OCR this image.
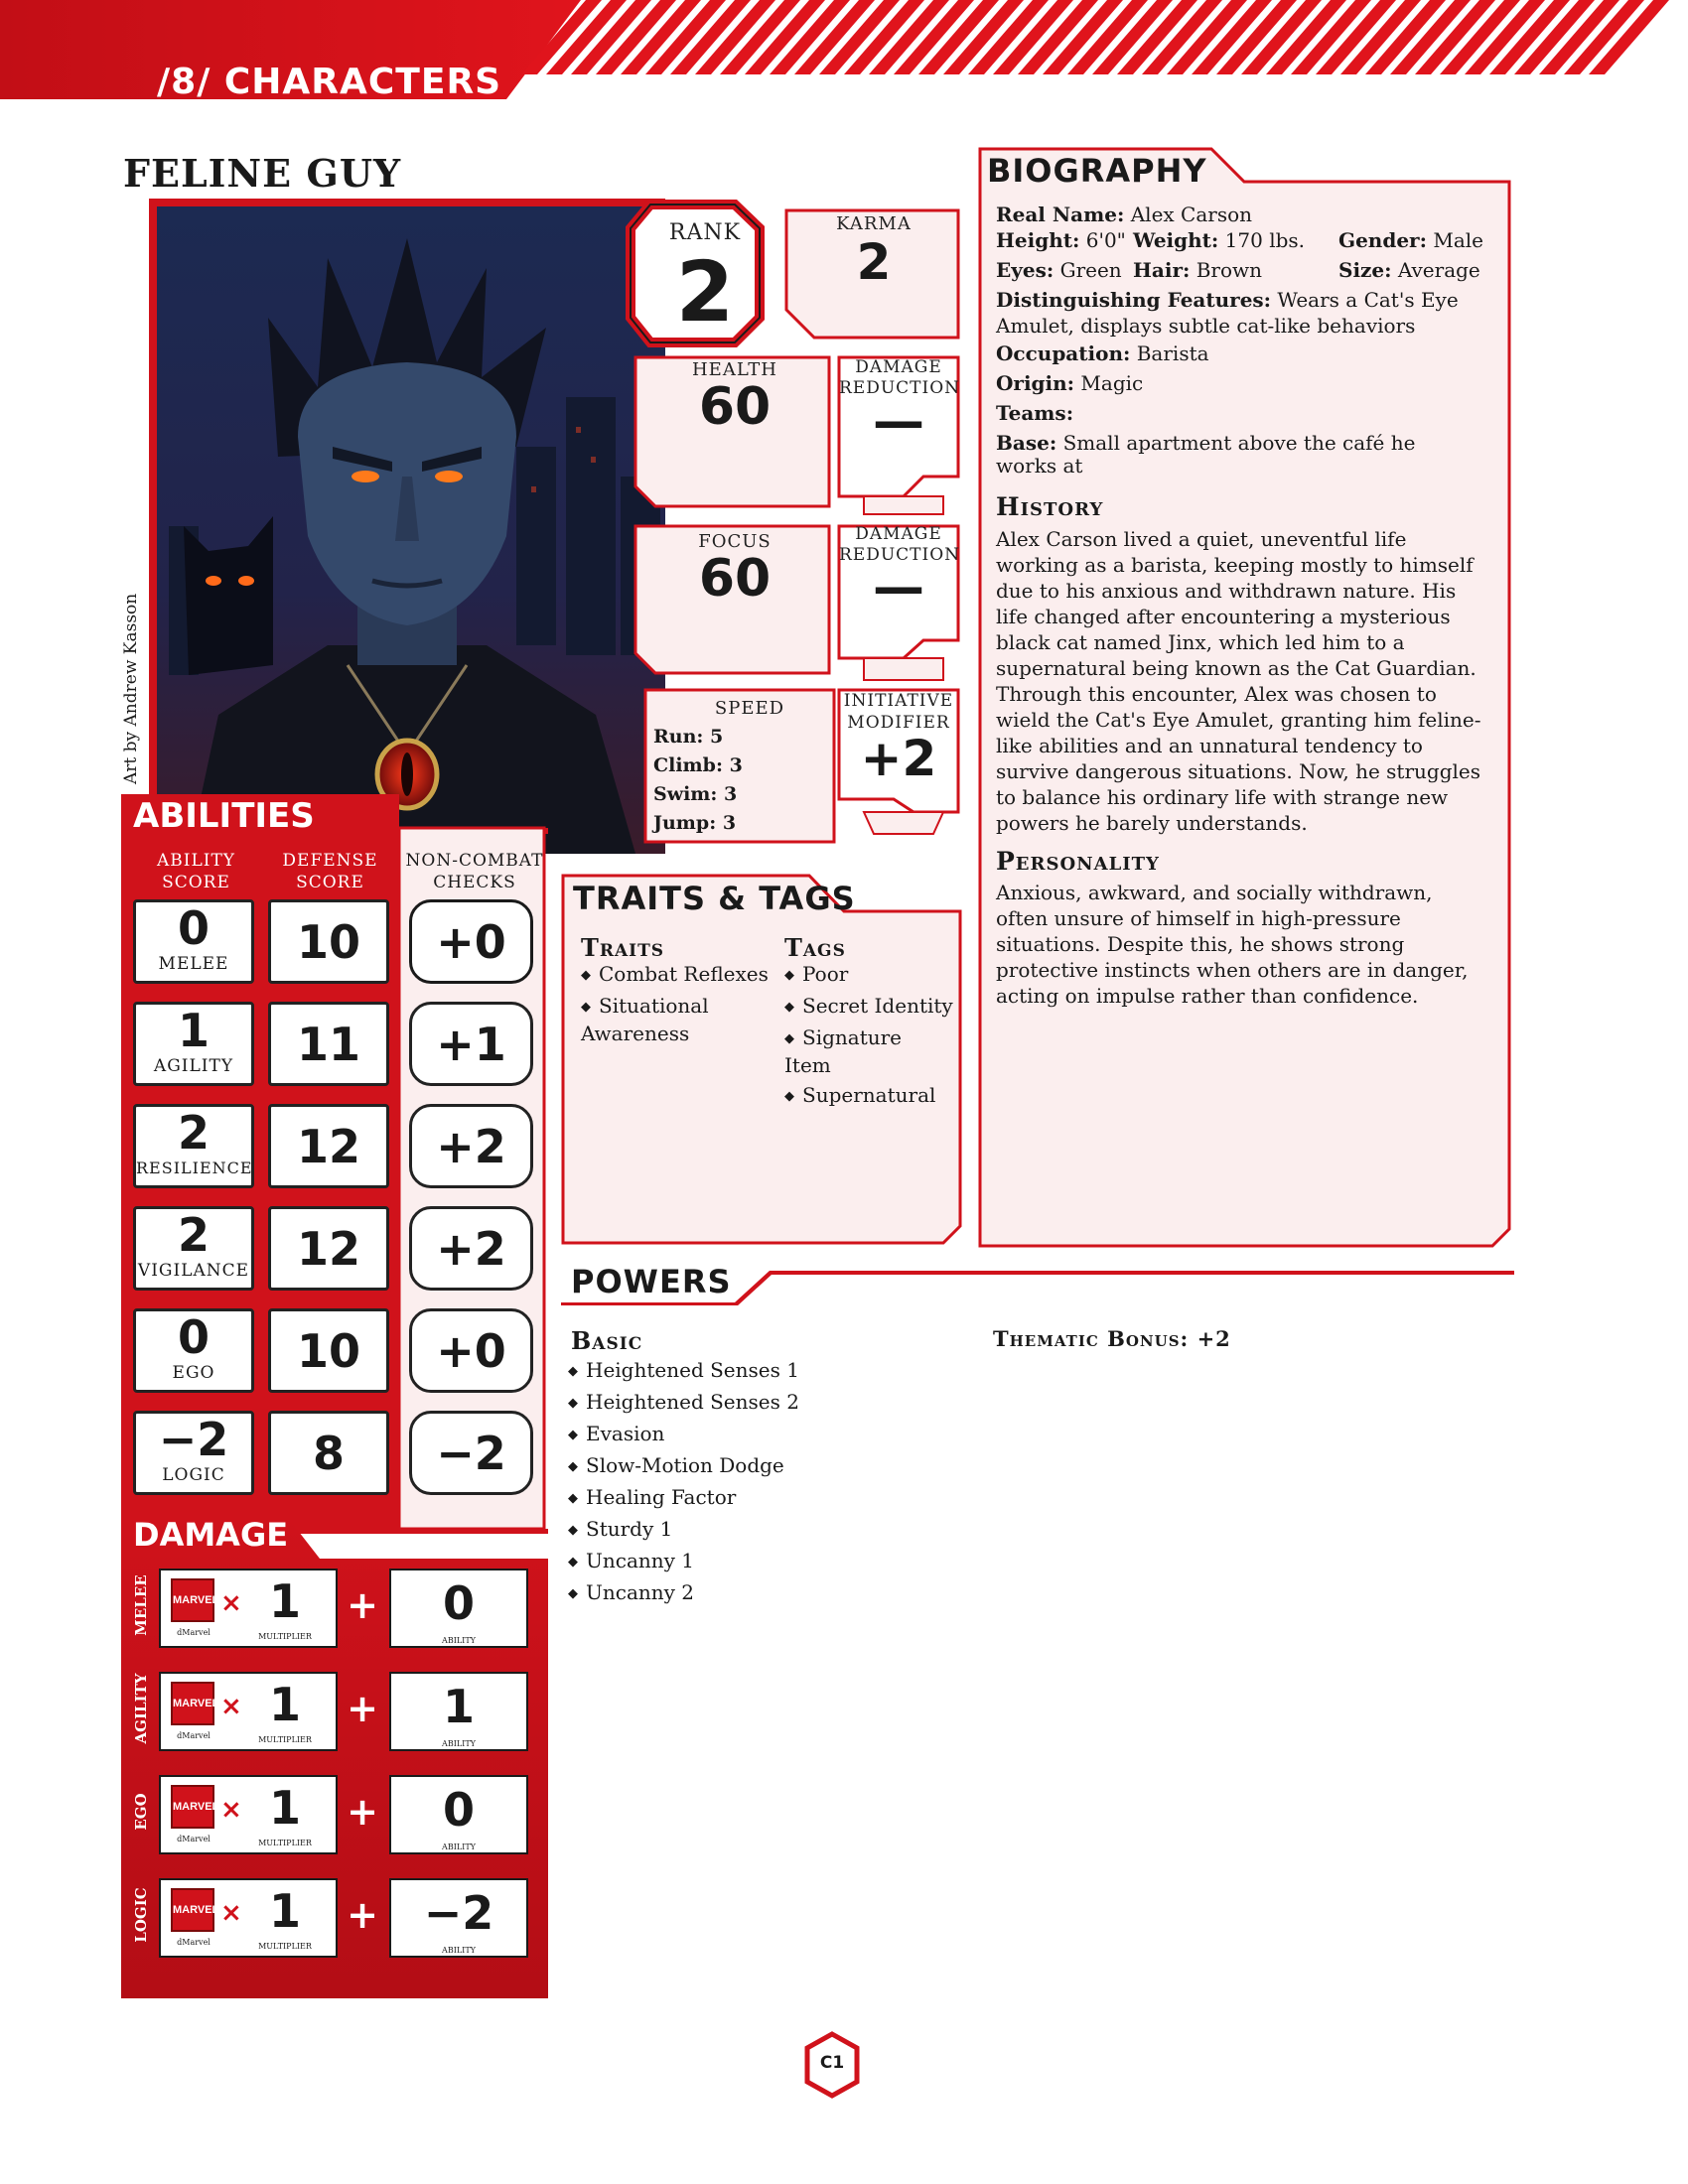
/8/ CHARACTERS
FELINE GUY
Art by Andrew Kasson
RANK
2
KARMA
2
HEALTH
60
DAMAGE REDUCTION
—
FOCUS
60
DAMAGE REDUCTION
—
SPEED
Run: 5
Climb: 3
Swim: 3
Jump: 3
INITIATIVE MODIFIER
+2
ABILITIES
ABILITY SCORE
DEFENSE SCORE
NON-COMBAT CHECKS
0
MELEE	10	+0
1
AGILITY	11	+1
2
RESILIENCE 12	+2
2
VIGILANCE	12	+2
0
EGO	10	+0
−2
LOGIC	8	−2
DAMAGE
MELEE MARVEL
dMarvel
× 1
MULTIPLIER
+	0
ABILITY
AGILITY MARVEL
dMarvel
× 1
MULTIPLIER
+	1
ABILITY
EGO MARVEL
dMarvel
× 1
MULTIPLIER
+	0
ABILITY
LOGIC MARVEL
dMarvel
× 1
MULTIPLIER
+ −2
ABILITY
TRAITS & TAGS
Traits
◆ Combat Reflexes
◆ Situational Awareness
Tags
◆ Poor
◆ Secret Identity
◆ Signature Item
◆ Supernatural
BIOGRAPHY
Real Name: Alex Carson
Height: 6'0" Weight: 170 lbs. Gender: Male
Eyes: Green Hair: Brown	Size: Average
Distinguishing Features: Wears a Cat's Eye
Amulet, displays subtle cat-like behaviors
Occupation: Barista
Origin: Magic
Teams:
Base: Small apartment above the café he
works at
History
Alex Carson lived a quiet, uneventful life
working as a barista, keeping mostly to himself
due to his anxious and withdrawn nature. His
life changed after encountering a mysterious
black cat named Jinx, which led him to a
supernatural being known as the Cat Guardian.
Through this encounter, Alex was chosen to
wield the Cat's Eye Amulet, granting him feline-
like abilities and an unnatural tendency to
survive dangerous situations. Now, he struggles
to balance his ordinary life with strange new
powers he barely understands.
Personality
Anxious, awkward, and socially withdrawn,
often unsure of himself in high-pressure
situations. Despite this, he shows strong
protective instincts when others are in danger,
acting on impulse rather than confidence.
POWERS
Basic
◆ Heightened Senses 1
◆ Heightened Senses 2
◆ Evasion
◆ Slow-Motion Dodge
◆ Healing Factor
◆ Sturdy 1
◆ Uncanny 1
◆ Uncanny 2
Thematic Bonus: +2
C1
